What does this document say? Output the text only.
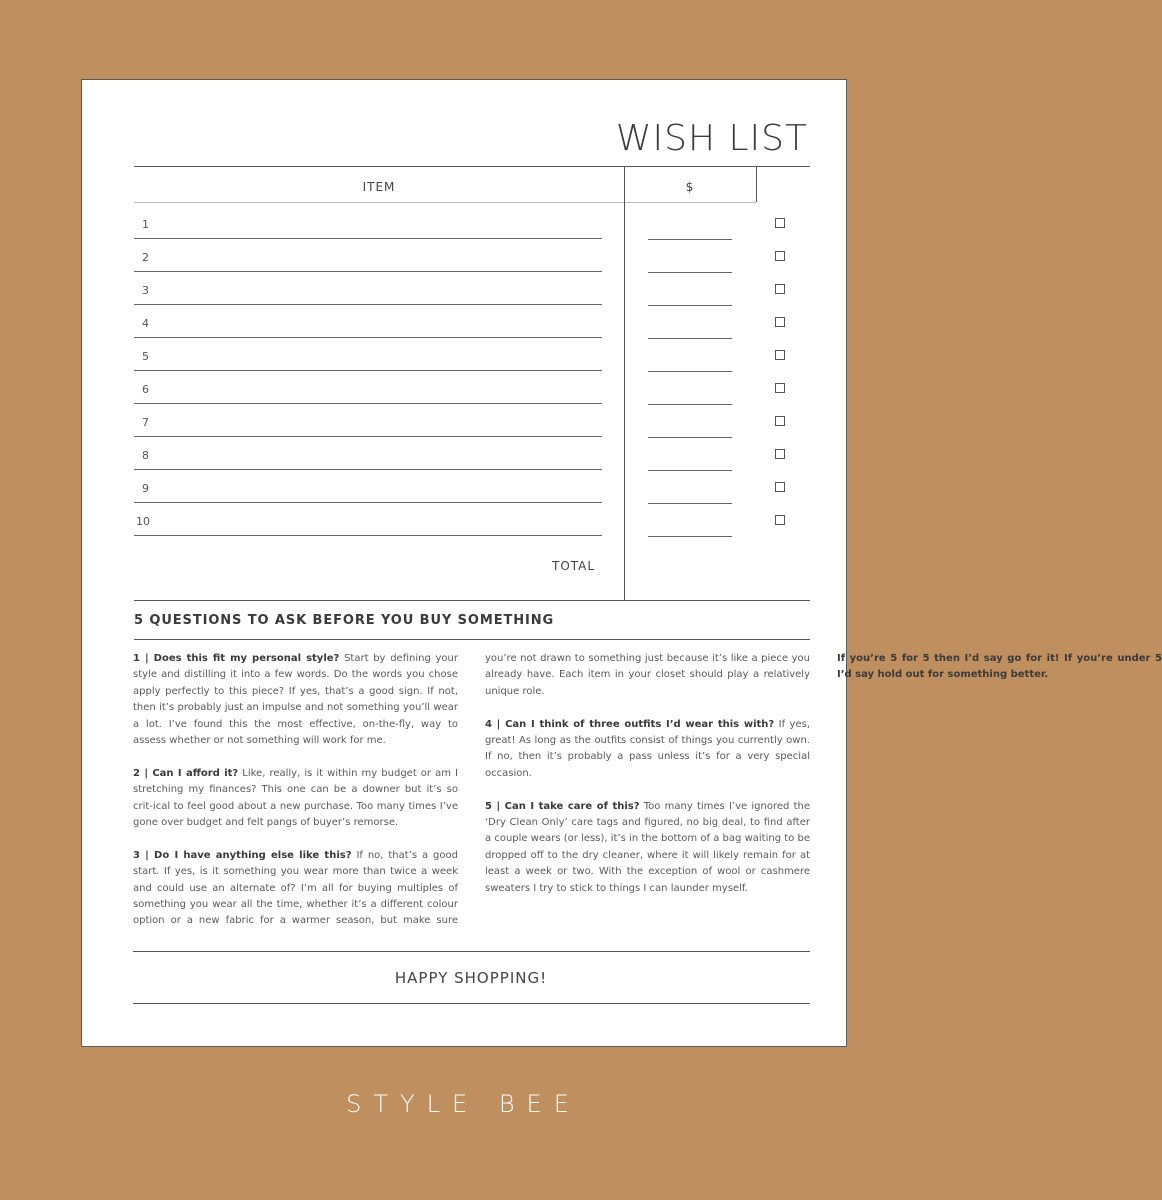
WISH LIST
ITEM	$
1
2
3
4
5
6
7
8
9
10
TOTAL
5 QUESTIONS TO ASK BEFORE YOU BUY SOMETHING

1 | Does this fit my personal style? Start by defining your style and distilling it into a few words. Do the words you chose apply perfectly to this piece? If yes, that’s a good sign. If not, then it’s probably just an impulse and not something you’ll wear a lot. I’ve found this the most effective, on-the-fly, way to assess whether or not something will work for me.

2 | Can I afford it? Like, really, is it within my budget or am I stretching my finances? This one can be a downer but it’s so crit-ical to feel good about a new purchase. Too many times I’ve gone over budget and felt pangs of buyer’s remorse.

3 | Do I have anything else like this? If no, that’s a good start. If yes, is it something you wear more than twice a week and could use an alternate of? I’m all for buying multiples of something you wear all the time, whether it’s a different colour option or a new fabric for a warmer season, but make sure you’re not drawn to something just because it’s like a piece you already have. Each item in your closet should play a relatively unique role.

4 | Can I think of three outfits I’d wear this with? If yes, great! As long as the outfits consist of things you currently own. If no, then it’s probably a pass unless it’s for a very special occasion.

5 | Can I take care of this? Too many times I’ve ignored the ‘Dry Clean Only’ care tags and figured, no big deal, to find after a couple wears (or less), it’s in the bottom of a bag waiting to be dropped off to the dry cleaner, where it will likely remain for at least a week or two. With the exception of wool or cashmere sweaters I try to stick to things I can launder myself.

If you’re 5 for 5 then I’d say go for it! If you’re under 5 I’d say hold out for something better.

HAPPY SHOPPING!
STYLE BEE
